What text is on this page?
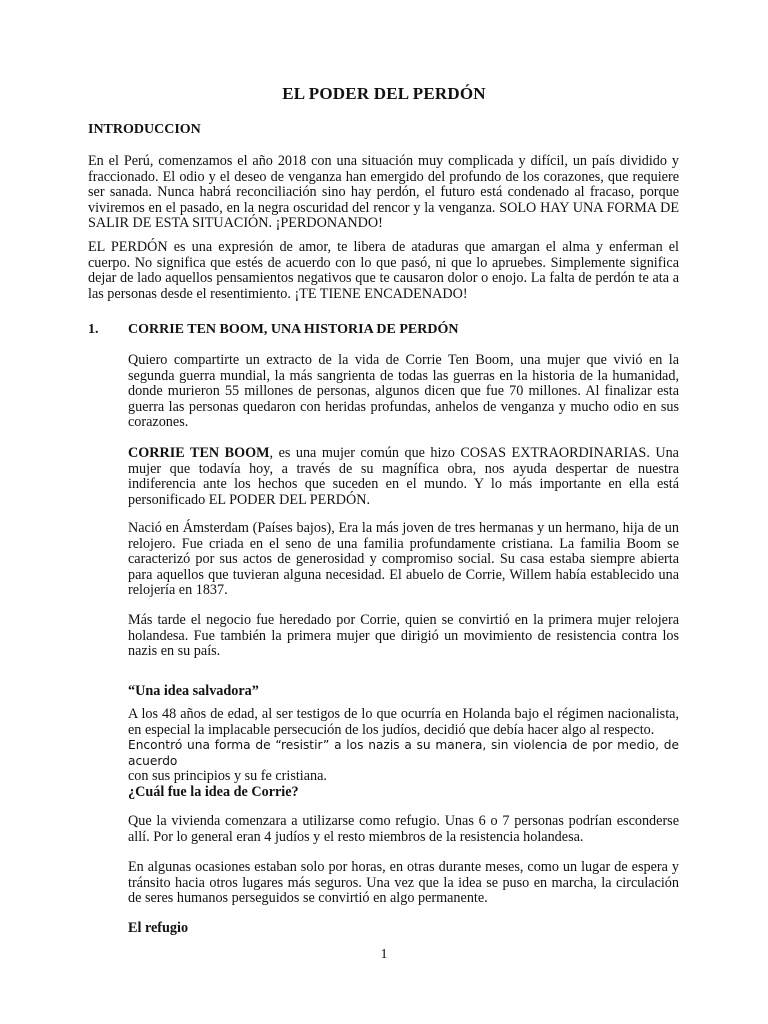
EL PODER DEL PERDÓN
INTRODUCCION

En el Perú, comenzamos el año 2018 con una situación muy complicada y difícil, un país dividido y fraccionado. El odio y el deseo de venganza han emergido del profundo de los corazones, que requiere ser sanada. Nunca habrá reconciliación sino hay perdón, el futuro está condenado al fracaso, porque viviremos en el pasado, en la negra oscuridad del rencor y la venganza. SOLO HAY UNA FORMA DE SALIR DE ESTA SITUACIÓN. ¡PERDONANDO!

EL PERDÓN es una expresión de amor, te libera de ataduras que amargan el alma y enferman el cuerpo. No significa que estés de acuerdo con lo que pasó, ni que lo apruebes. Simplemente significa dejar de lado aquellos pensamientos negativos que te causaron dolor o enojo. La falta de perdón te ata a las personas desde el resentimiento. ¡TE TIENE ENCADENADO!

1. CORRIE TEN BOOM, UNA HISTORIA DE PERDÓN

Quiero compartirte un extracto de la vida de Corrie Ten Boom, una mujer que vivió en la segunda guerra mundial, la más sangrienta de todas las guerras en la historia de la humanidad, donde murieron 55 millones de personas, algunos dicen que fue 70 millones. Al finalizar esta guerra las personas quedaron con heridas profundas, anhelos de venganza y mucho odio en sus corazones.

CORRIE TEN BOOM, es una mujer común que hizo COSAS EXTRAORDINARIAS. Una mujer que todavía hoy, a través de su magnífica obra, nos ayuda despertar de nuestra indiferencia ante los hechos que suceden en el mundo. Y lo más importante en ella está personificado EL PODER DEL PERDÓN.

Nació en Ámsterdam (Países bajos), Era la más joven de tres hermanas y un hermano, hija de un relojero. Fue criada en el seno de una familia profundamente cristiana. La familia Boom se caracterizó por sus actos de generosidad y compromiso social. Su casa estaba siempre abierta para aquellos que tuvieran alguna necesidad. El abuelo de Corrie, Willem había establecido una relojería en 1837.

Más tarde el negocio fue heredado por Corrie, quien se convirtió en la primera mujer relojera holandesa. Fue también la primera mujer que dirigió un movimiento de resistencia contra los nazis en su país.

“Una idea salvadora”

A los 48 años de edad, al ser testigos de lo que ocurría en Holanda bajo el régimen nacionalista, en especial la implacable persecución de los judíos, decidió que debía hacer algo al respecto.
Encontró una forma de “resistir” a los nazis a su manera, sin violencia de por medio, de acuerdo
con sus principios y su fe cristiana.

¿Cuál fue la idea de Corrie?

Que la vivienda comenzara a utilizarse como refugio. Unas 6 o 7 personas podrían esconderse allí. Por lo general eran 4 judíos y el resto miembros de la resistencia holandesa.

En algunas ocasiones estaban solo por horas, en otras durante meses, como un lugar de espera y tránsito hacia otros lugares más seguros. Una vez que la idea se puso en marcha, la circulación de seres humanos perseguidos se convirtió en algo permanente.

El refugio
1
